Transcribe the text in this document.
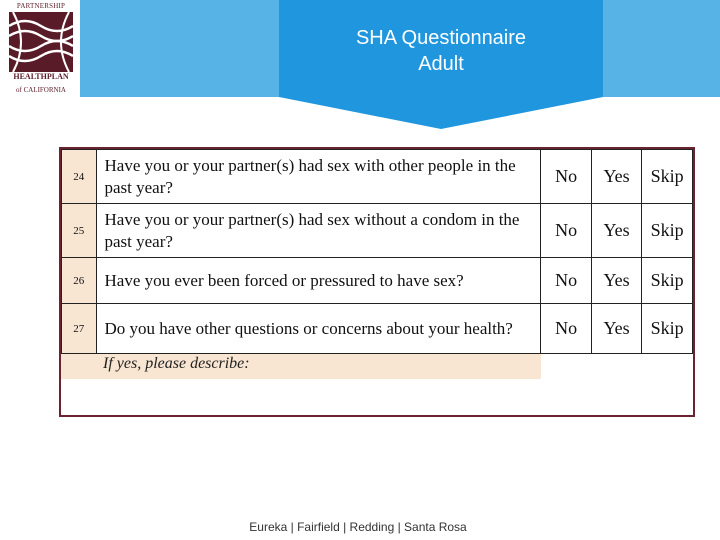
SHA Questionnaire
Adult
PARTNERSHIP
HEALTHPLAN
of CALIFORNIA
24	Have you or your partner(s) had sex with other people in the past year?	No	Yes	Skip
25	Have you or your partner(s) had sex without a condom in the past year?	No	Yes	Skip
26	Have you ever been forced or pressured to have sex?	No	Yes	Skip
27	Do you have other questions or concerns about your health?	No	Yes	Skip
If yes, please describe:
Eureka | Fairfield | Redding | Santa Rosa
